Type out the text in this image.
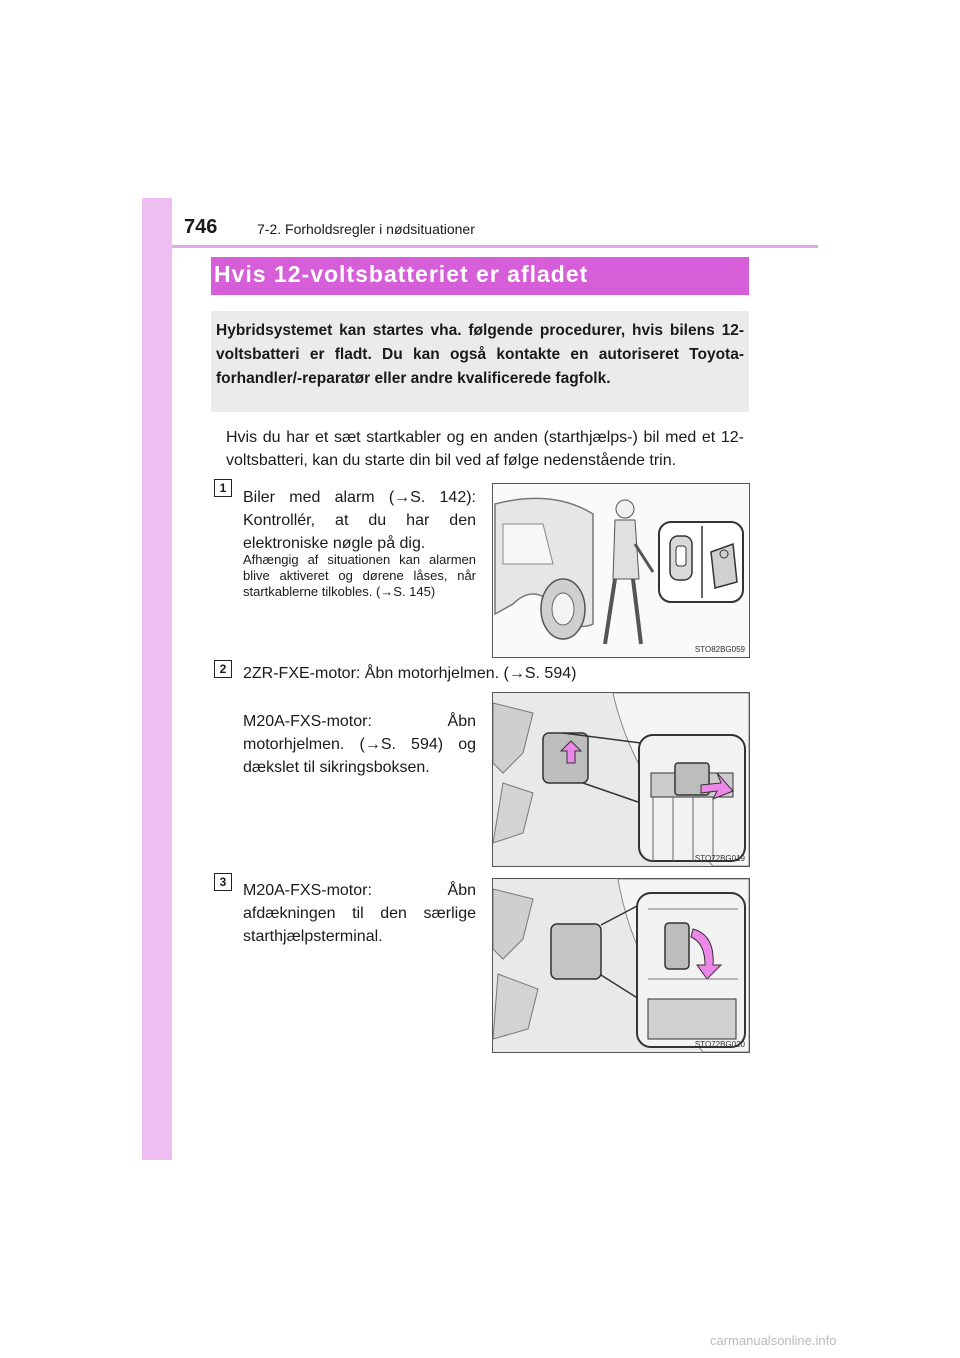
746	7-2. Forholdsregler i nødsituationer
Hvis 12-voltsbatteriet er afladet

Hybridsystemet kan startes vha. følgende procedurer, hvis bilens 12-voltsbatteri er fladt. Du kan også kontakte en autoriseret Toyota-forhandler/-reparatør eller andre kvalificerede fagfolk.

Hvis du har et sæt startkabler og en anden (starthjælps-) bil med et 12-voltsbatteri, kan du starte din bil ved af følge nedenstående trin.

1

Biler med alarm (→S. 142): Kontrollér, at du har den elektroniske nøgle på dig.

Afhængig af situationen kan alarmen blive aktiveret og dørene låses, når startkablerne tilkobles. (→S. 145)

STO82BG059
2	2ZR-FXE-motor: Åbn motorhjelmen. (→S. 594)

M20A-FXS-motor: Åbn motorhjelmen. (→S. 594) og dækslet til sikringsboksen.

STO72BG019
3	M20A-FXS-motor: Åbn afdækningen til den særlige starthjælpsterminal.

STO72BG020
carmanualsonline.info
